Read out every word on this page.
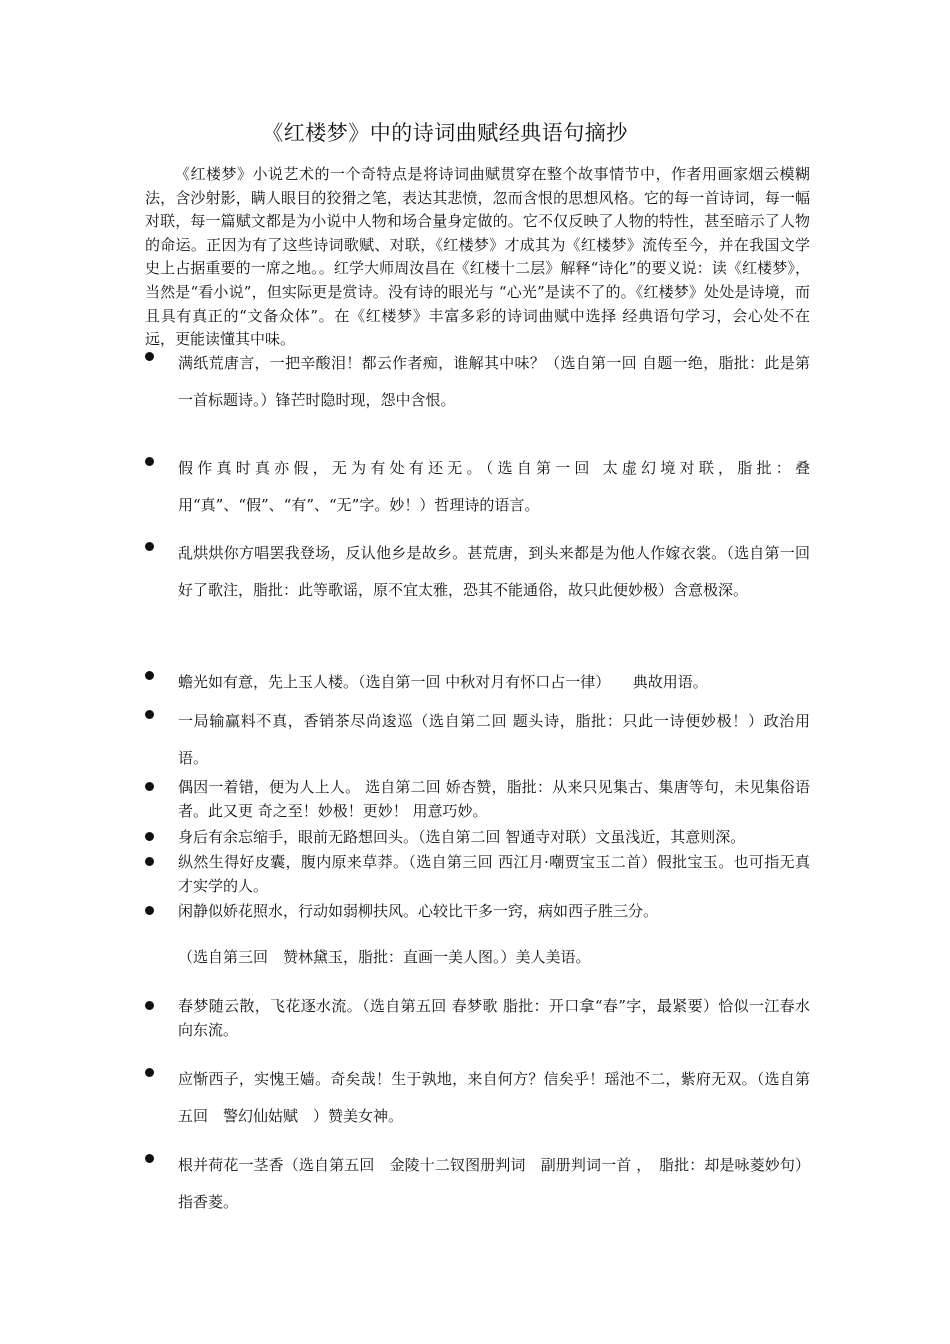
《红楼梦》中的诗词曲赋经典语句摘抄

《红楼梦》小说艺术的一个奇特点是将诗词曲赋贯穿在整个故事情节中，作者用画家烟云模糊法，含沙射影，瞒人眼目的狡猾之笔，表达其悲愤，忽而含恨的思想风格。它的每一首诗词，每一幅对联，每一篇赋文都是为小说中人物和场合量身定做的。它不仅反映了人物的特性，甚至暗示了人物的命运。正因为有了这些诗词歌赋、对联，《红楼梦》才成其为《红楼梦》流传至今，并在我国文学史上占据重要的一席之地。。红学大师周汝昌在《红楼十二层》解释“诗化”的要义说：读《红楼梦》，当然是“看小说”，但实际更是赏诗。没有诗的眼光与 “心光”是读不了的。《红楼梦》处处是诗境，而且具有真正的“文备众体”。在《红楼梦》丰富多彩的诗词曲赋中选择 经典语句学习，会心处不在远，更能读懂其中味。

满纸荒唐言，一把辛酸泪！都云作者痴，谁解其中味？（选自第一回 自题一绝，脂批：此是第一首标题诗。）锋芒时隐时现，怨中含恨。

假作真时真亦假，无为有处有还无。（选自第一回 太虚幻境对联，脂批：叠用“真”、“假”、“有”、“无”字。妙！）哲理诗的语言。

乱烘烘你方唱罢我登场，反认他乡是故乡。甚荒唐，到头来都是为他人作嫁衣裳。（选自第一回 好了歌注，脂批：此等歌谣，原不宜太雅，恐其不能通俗，故只此便妙极）含意极深。

蟾光如有意，先上玉人楼。（选自第一回 中秋对月有怀口占一律）　　典故用语。

一局输赢料不真，香销茶尽尚逡巡（选自第二回 题头诗，脂批：只此一诗便妙极！）政治用语。

偶因一着错，便为人上人。 选自第二回 娇杏赞，脂批：从来只见集古、集唐等句，未见集俗语者。此又更 奇之至！妙极！更妙！ 用意巧妙。

身后有余忘缩手，眼前无路想回头。（选自第二回 智通寺对联）文虽浅近，其意则深。

纵然生得好皮囊，腹内原来草莽。（选自第三回 西江月·嘲贾宝玉二首）假批宝玉。也可指无真才实学的人。

闲静似娇花照水，行动如弱柳扶风。心较比干多一窍，病如西子胜三分。

（选自第三回　赞林黛玉，脂批：直画一美人图。）美人美语。

春梦随云散，飞花逐水流。（选自第五回 春梦歌 脂批：开口拿“春”字，最紧要）恰似一江春水向东流。

应惭西子，实愧王嫱。奇矣哉！生于孰地，来自何方？信矣乎！瑶池不二，紫府无双。（选自第五回　警幻仙姑赋　）赞美女神。

根并荷花一茎香（选自第五回　金陵十二钗图册判词　副册判词一首 ，　脂批：却是咏菱妙句）指香菱。
